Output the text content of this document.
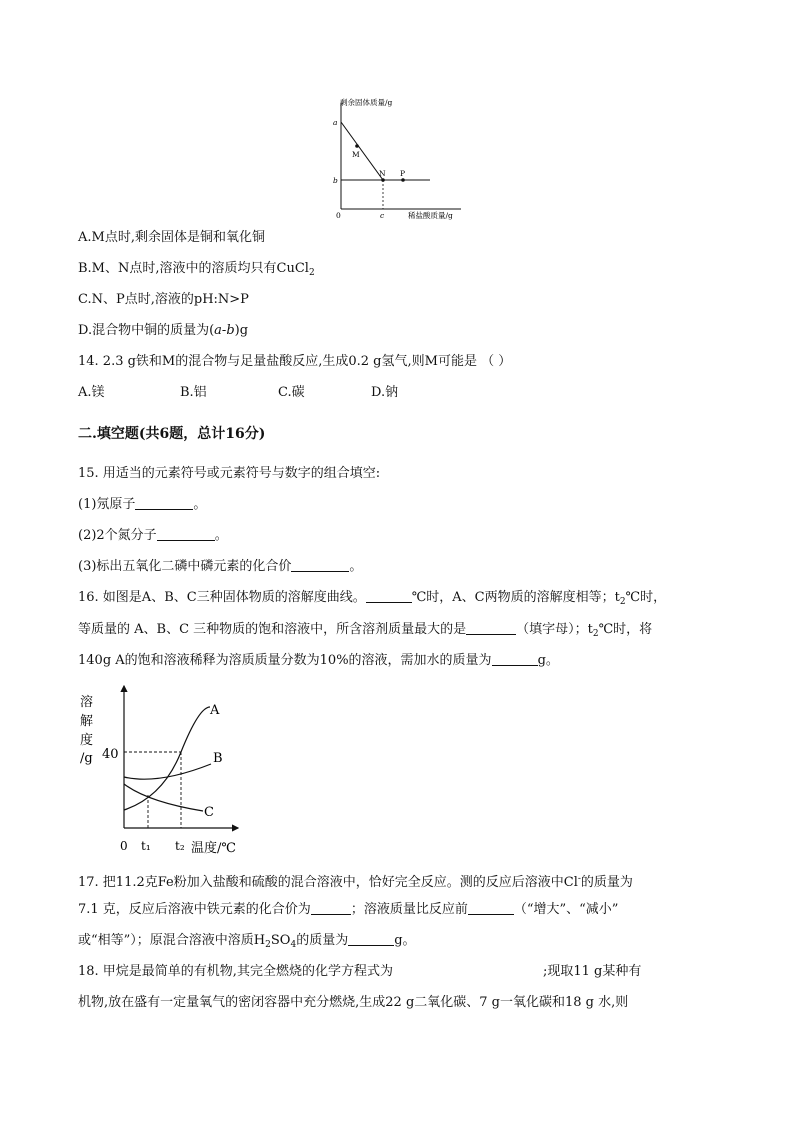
剩余固体质量/g
稀盐酸质量/g
0
a
b
c
M
N P
A.M点时,剩余固体是铜和氧化铜
B.M、N点时,溶液中的溶质均只有CuCl$_2$
C.N、P点时,溶液的pH:N>P
D.混合物中铜的质量为(a-b)g
14. 2.3 g铁和M的混合物与足量盐酸反应,生成0.2 g氢气,则M可能是 （ ）
A.镁	B.铝	C.碳	D.钠
二.填空题(共6题，总计16分)
15. 用适当的元素符号或元素符号与数字的组合填空:
(1)氖原子	。
(2)2个氮分子	。
(3)标出五氧化二磷中磷元素的化合价	。
16. 如图是A、B、C三种固体物质的溶解度曲线。	℃时，A、C两物质的溶解度相等；$t_2℃$时，
等质量的 A、B、C 三种物质的饱和溶液中，所含溶剂质量最大的是	（填字母）；$t_2℃$时，将
140g A的饱和溶液稀释为溶质质量分数为10%的溶液，需加水的质量为	g。
溶
解
度
/g 40
0 t₁ t₂ 温度/℃
A
B
C
17. 把11.2克Fe粉加入盐酸和硫酸的混合溶液中，恰好完全反应。测的反应后溶液中Cl-的质量为
7.1 克，反应后溶液中铁元素的化合价为	；溶液质量比反应前	（“增大”、“减小”
或“相等”）；原混合溶液中溶质$H_2SO_4$的质量为	g。
18. 甲烷是最简单的有机物,其完全燃烧的化学方程式为	;现取11 g某种有
机物,放在盛有一定量氧气的密闭容器中充分燃烧,生成22 g二氧化碳、7 g一氧化碳和18 g 水,则
